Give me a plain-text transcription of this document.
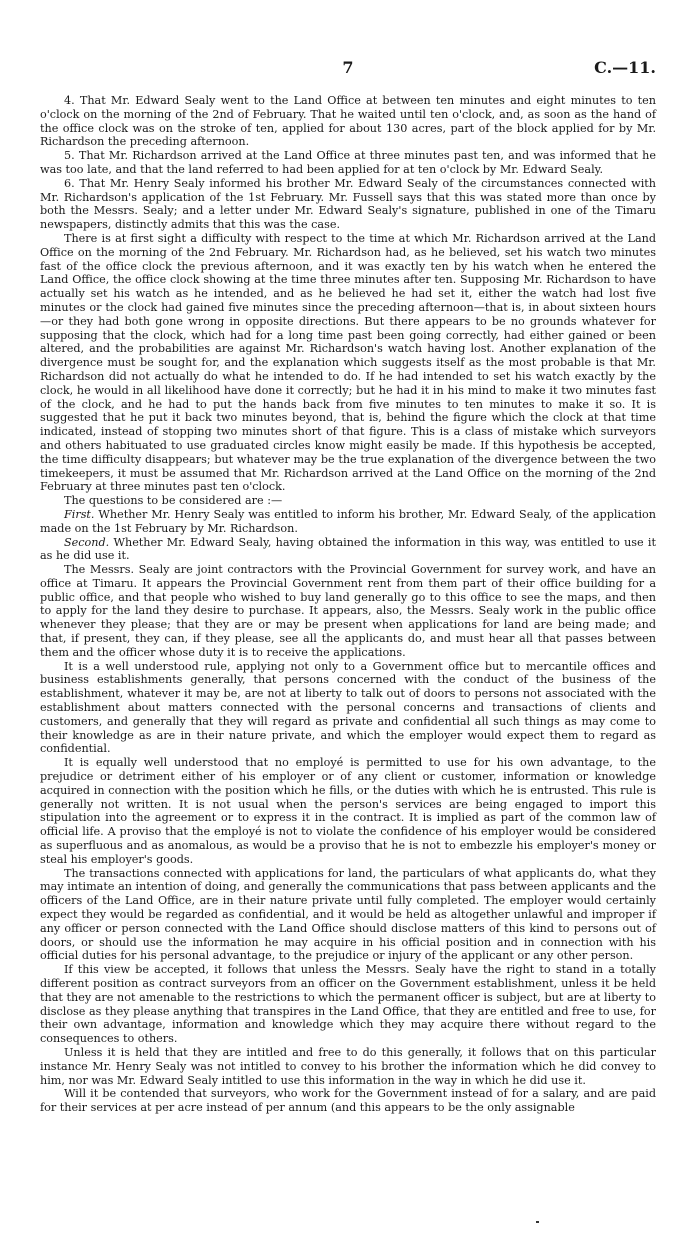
7	C.—11.

4. That Mr. Edward Sealy went to the Land Office at between ten minutes and eight minutes to ten o'clock on the morning of the 2nd of February. That he waited until ten o'clock, and, as soon as the hand of the office clock was on the stroke of ten, applied for about 130 acres, part of the block applied for by Mr. Richardson the preceding afternoon.

5. That Mr. Richardson arrived at the Land Office at three minutes past ten, and was informed that he was too late, and that the land referred to had been applied for at ten o'clock by Mr. Edward Sealy.

6. That Mr. Henry Sealy informed his brother Mr. Edward Sealy of the circumstances connected with Mr. Richardson's application of the 1st February. Mr. Fussell says that this was stated more than once by both the Messrs. Sealy; and a letter under Mr. Edward Sealy's signature, published in one of the Timaru newspapers, distinctly admits that this was the case.

There is at first sight a difficulty with respect to the time at which Mr. Richardson arrived at the Land Office on the morning of the 2nd February. Mr. Richardson had, as he believed, set his watch two minutes fast of the office clock the previous afternoon, and it was exactly ten by his watch when he entered the Land Office, the office clock showing at the time three minutes after ten. Supposing Mr. Richardson to have actually set his watch as he intended, and as he believed he had set it, either the watch had lost five minutes or the clock had gained five minutes since the preceding afternoon—that is, in about sixteen hours—or they had both gone wrong in opposite directions. But there appears to be no grounds whatever for supposing that the clock, which had for a long time past been going correctly, had either gained or been altered, and the probabilities are against Mr. Richardson's watch having lost. Another explanation of the divergence must be sought for, and the explanation which suggests itself as the most probable is that Mr. Richardson did not actually do what he intended to do. If he had intended to set his watch exactly by the clock, he would in all likelihood have done it correctly; but he had it in his mind to make it two minutes fast of the clock, and he had to put the hands back from five minutes to ten minutes to make it so. It is suggested that he put it back two minutes beyond, that is, behind the figure which the clock at that time indicated, instead of stopping two minutes short of that figure. This is a class of mistake which surveyors and others habituated to use graduated circles know might easily be made. If this hypothesis be accepted, the time difficulty disappears; but whatever may be the true explanation of the divergence between the two timekeepers, it must be assumed that Mr. Richardson arrived at the Land Office on the morning of the 2nd February at three minutes past ten o'clock.

The questions to be considered are :—

First. Whether Mr. Henry Sealy was entitled to inform his brother, Mr. Edward Sealy, of the application made on the 1st February by Mr. Richardson.

Second. Whether Mr. Edward Sealy, having obtained the information in this way, was entitled to use it as he did use it.

The Messrs. Sealy are joint contractors with the Provincial Government for survey work, and have an office at Timaru. It appears the Provincial Government rent from them part of their office building for a public office, and that people who wished to buy land generally go to this office to see the maps, and then to apply for the land they desire to purchase. It appears, also, the Messrs. Sealy work in the public office whenever they please; that they are or may be present when applications for land are being made; and that, if present, they can, if they please, see all the applicants do, and must hear all that passes between them and the officer whose duty it is to receive the applications.

It is a well understood rule, applying not only to a Government office but to mercantile offices and business establishments generally, that persons concerned with the conduct of the business of the establishment, whatever it may be, are not at liberty to talk out of doors to persons not associated with the establishment about matters connected with the personal concerns and transactions of clients and customers, and generally that they will regard as private and confidential all such things as may come to their knowledge as are in their nature private, and which the employer would expect them to regard as confidential.

It is equally well understood that no employé is permitted to use for his own advantage, to the prejudice or detriment either of his employer or of any client or customer, information or knowledge acquired in connection with the position which he fills, or the duties with which he is entrusted. This rule is generally not written. It is not usual when the person's services are being engaged to import this stipulation into the agreement or to express it in the contract. It is implied as part of the common law of official life. A proviso that the employé is not to violate the confidence of his employer would be considered as superfluous and as anomalous, as would be a proviso that he is not to embezzle his employer's money or steal his employer's goods.

The transactions connected with applications for land, the particulars of what applicants do, what they may intimate an intention of doing, and generally the communications that pass between applicants and the officers of the Land Office, are in their nature private until fully completed. The employer would certainly expect they would be regarded as confidential, and it would be held as altogether unlawful and improper if any officer or person connected with the Land Office should disclose matters of this kind to persons out of doors, or should use the information he may acquire in his official position and in connection with his official duties for his personal advantage, to the prejudice or injury of the applicant or any other person.

If this view be accepted, it follows that unless the Messrs. Sealy have the right to stand in a totally different position as contract surveyors from an officer on the Government establishment, unless it be held that they are not amenable to the restrictions to which the permanent officer is subject, but are at liberty to disclose as they please anything that transpires in the Land Office, that they are entitled and free to use, for their own advantage, information and knowledge which they may acquire there without regard to the consequences to others.

Unless it is held that they are intitled and free to do this generally, it follows that on this particular instance Mr. Henry Sealy was not intitled to convey to his brother the information which he did convey to him, nor was Mr. Edward Sealy intitled to use this information in the way in which he did use it.

Will it be contended that surveyors, who work for the Government instead of for a salary, and are paid for their services at per acre instead of per annum (and this appears to be the only assignable
